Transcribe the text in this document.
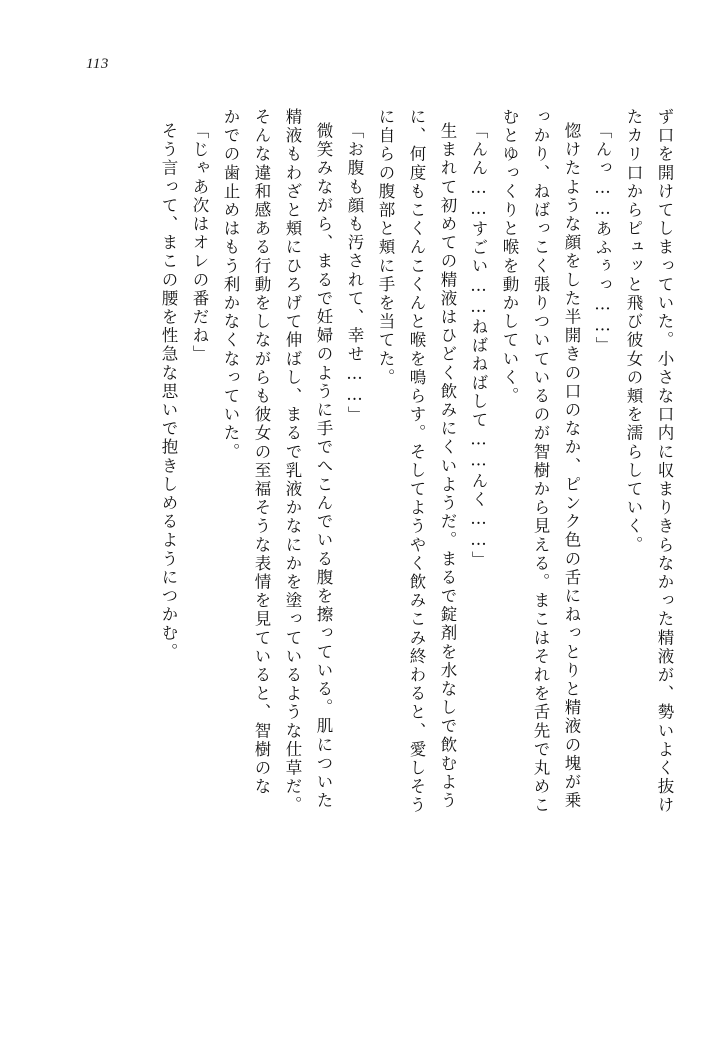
113
ず口を開けてしまっていた。小さな口内に収まりきらなかった精液が、勢いよく抜け
たカリ口からピュッと飛び彼女の頬を濡らしていく。
「んっ……あふぅっ……」
惚けたような顔をした半開きの口のなか、ピンク色の舌にねっとりと精液の塊が乗
っかり、ねばっこく張りついているのが智樹から見える。まこはそれを舌先で丸めこ
むとゆっくりと喉を動かしていく。
「んん……すごい……ねばねばして……んく……」
生まれて初めての精液はひどく飲みにくいようだ。まるで錠剤を水なしで飲むよう
に、何度もこくんこくんと喉を鳴らす。そしてようやく飲みこみ終わると、愛しそう
に自らの腹部と頬に手を当てた。
「お腹も顔も汚されて、幸せ……」
微笑みながら、まるで妊婦のように手でへこんでいる腹を擦っている。肌についた
精液もわざと頬にひろげて伸ばし、まるで乳液かなにかを塗っているような仕草だ。
そんな違和感ある行動をしながらも彼女の至福そうな表情を見ていると、智樹のな
かでの歯止めはもう利かなくなっていた。
「じゃあ次はオレの番だね」
そう言って、まこの腰を性急な思いで抱きしめるようにつかむ。
